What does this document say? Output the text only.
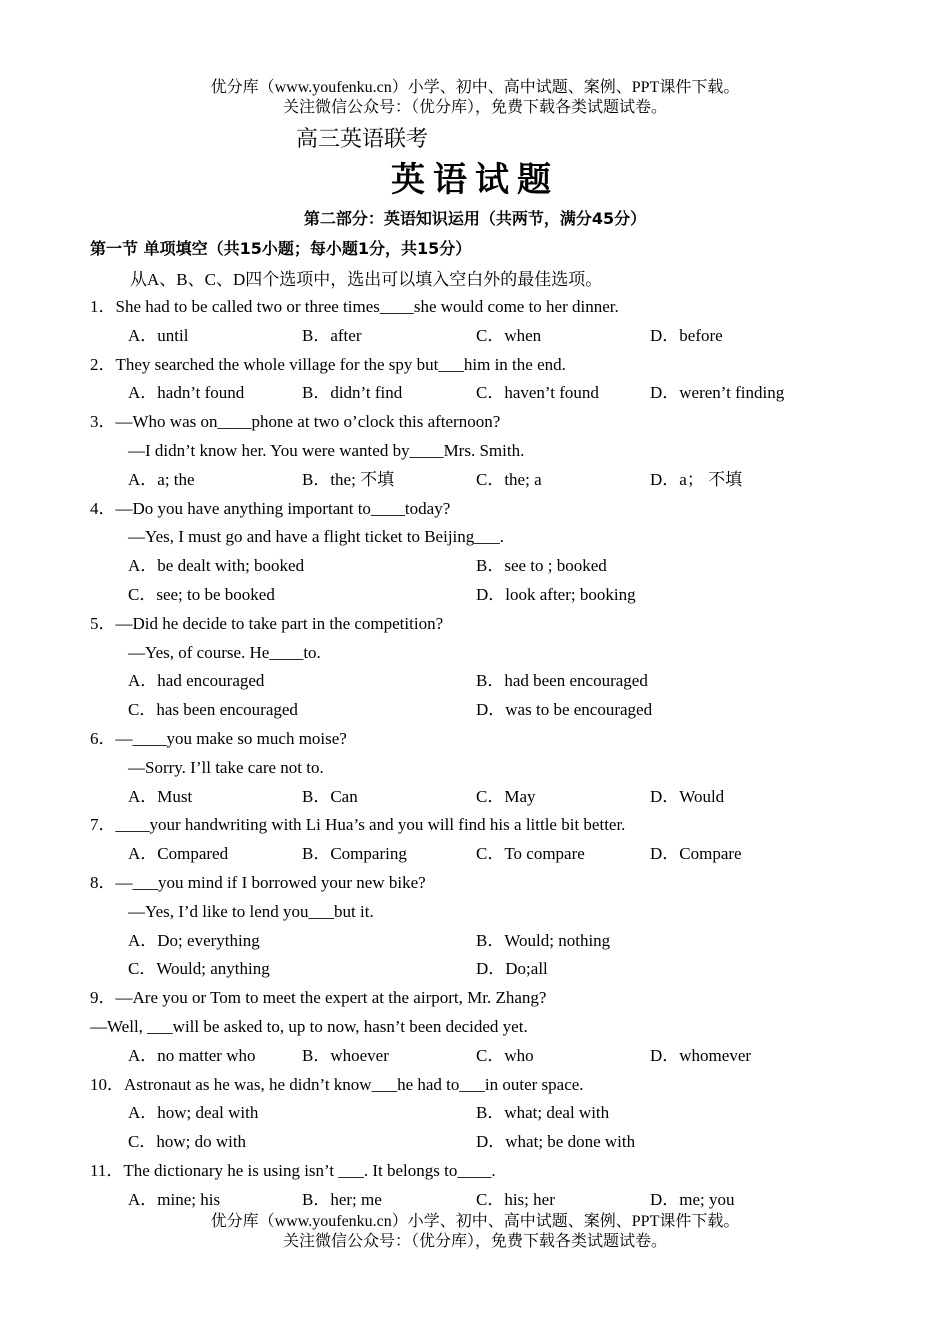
优分库（www.youfenku.cn）小学、初中、高中试题、案例、PPT课件下载。
关注微信公众号：（优分库），免费下载各类试题试卷。
高三英语联考
英语试题
第二部分：英语知识运用（共两节，满分45分）
第一节 单项填空（共15小题；每小题1分，共15分）
从A、B、C、D四个选项中，选出可以填入空白外的最佳选项。
1．She had to be called two or three times____she would come to her dinner.
A．until	B．after	C．when	D．before
2．They searched the whole village for the spy but___him in the end.
A．hadn’t found	B．didn’t find	C．haven’t found	D．weren’t finding
3．—Who was on____phone at two o’clock this afternoon?
—I didn’t know her. You were wanted by____Mrs. Smith.
A．a; the	B．the; 不填	C．the; a	D．a； 不填
4．—Do you have anything important to____today?
—Yes, I must go and have a flight ticket to Beijing___.
A．be dealt with; booked	B．see to ; booked
C．see; to be booked	D．look after; booking
5．—Did he decide to take part in the competition?
—Yes, of course. He____to.
A．had encouraged	B．had been encouraged
C．has been encouraged	D．was to be encouraged
6．—____you make so much moise?
—Sorry. I’ll take care not to.
A．Must	B．Can	C．May	D．Would
7．____your handwriting with Li Hua’s and you will find his a little bit better.
A．Compared	B．Comparing	C．To compare	D．Compare
8．—___you mind if I borrowed your new bike?
—Yes, I’d like to lend you___but it.
A．Do; everything	B．Would; nothing
C．Would; anything	D．Do;all
9．—Are you or Tom to meet the expert at the airport, Mr. Zhang?
—Well, ___will be asked to, up to now, hasn’t been decided yet.
A．no matter who	B．whoever	C．who	D．whomever
10．Astronaut as he was, he didn’t know___he had to___in outer space.
A．how; deal with	B．what; deal with
C．how; do with	D．what; be done with
11．The dictionary he is using isn’t ___. It belongs to____.
A．mine; his	B．her; me	C．his; her	D．me; you
优分库（www.youfenku.cn）小学、初中、高中试题、案例、PPT课件下载。
关注微信公众号：（优分库），免费下载各类试题试卷。
